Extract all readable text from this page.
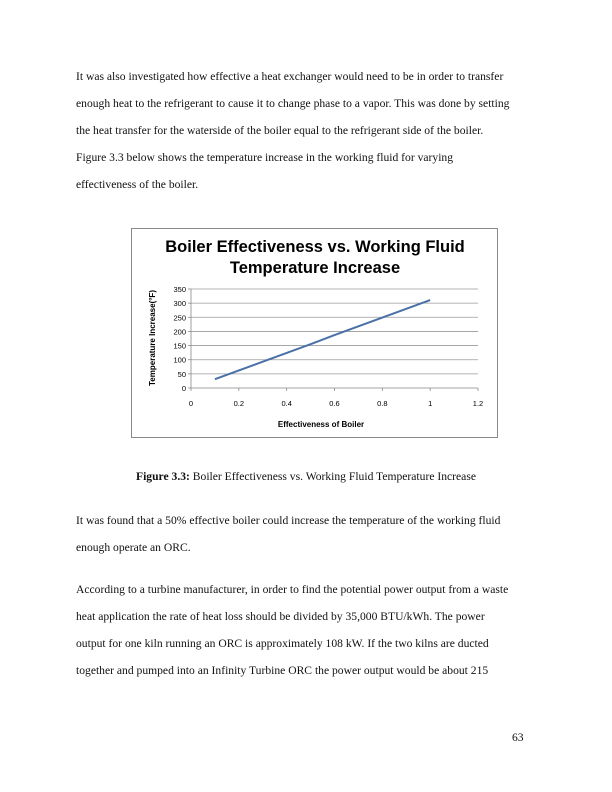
It was also investigated how effective a heat exchanger would need to be in order to transfer
enough heat to the refrigerant to cause it to change phase to a vapor. This was done by setting
the heat transfer for the waterside of the boiler equal to the refrigerant side of the boiler.
Figure 3.3 below shows the temperature increase in the working fluid for varying
effectiveness of the boiler.
Boiler Effectiveness vs. Working Fluid
Temperature Increase
0
50
100
150
200
250
300
350
0	0.2	0.4	0.6	0.8	1	1.2
Temperature Increase(°F)
Effectiveness of Boiler
Figure 3.3: Boiler Effectiveness vs. Working Fluid Temperature Increase
It was found that a 50% effective boiler could increase the temperature of the working fluid
enough operate an ORC.
According to a turbine manufacturer, in order to find the potential power output from a waste
heat application the rate of heat loss should be divided by 35,000 BTU/kWh. The power
output for one kiln running an ORC is approximately 108 kW. If the two kilns are ducted
together and pumped into an Infinity Turbine ORC the power output would be about 215
63
